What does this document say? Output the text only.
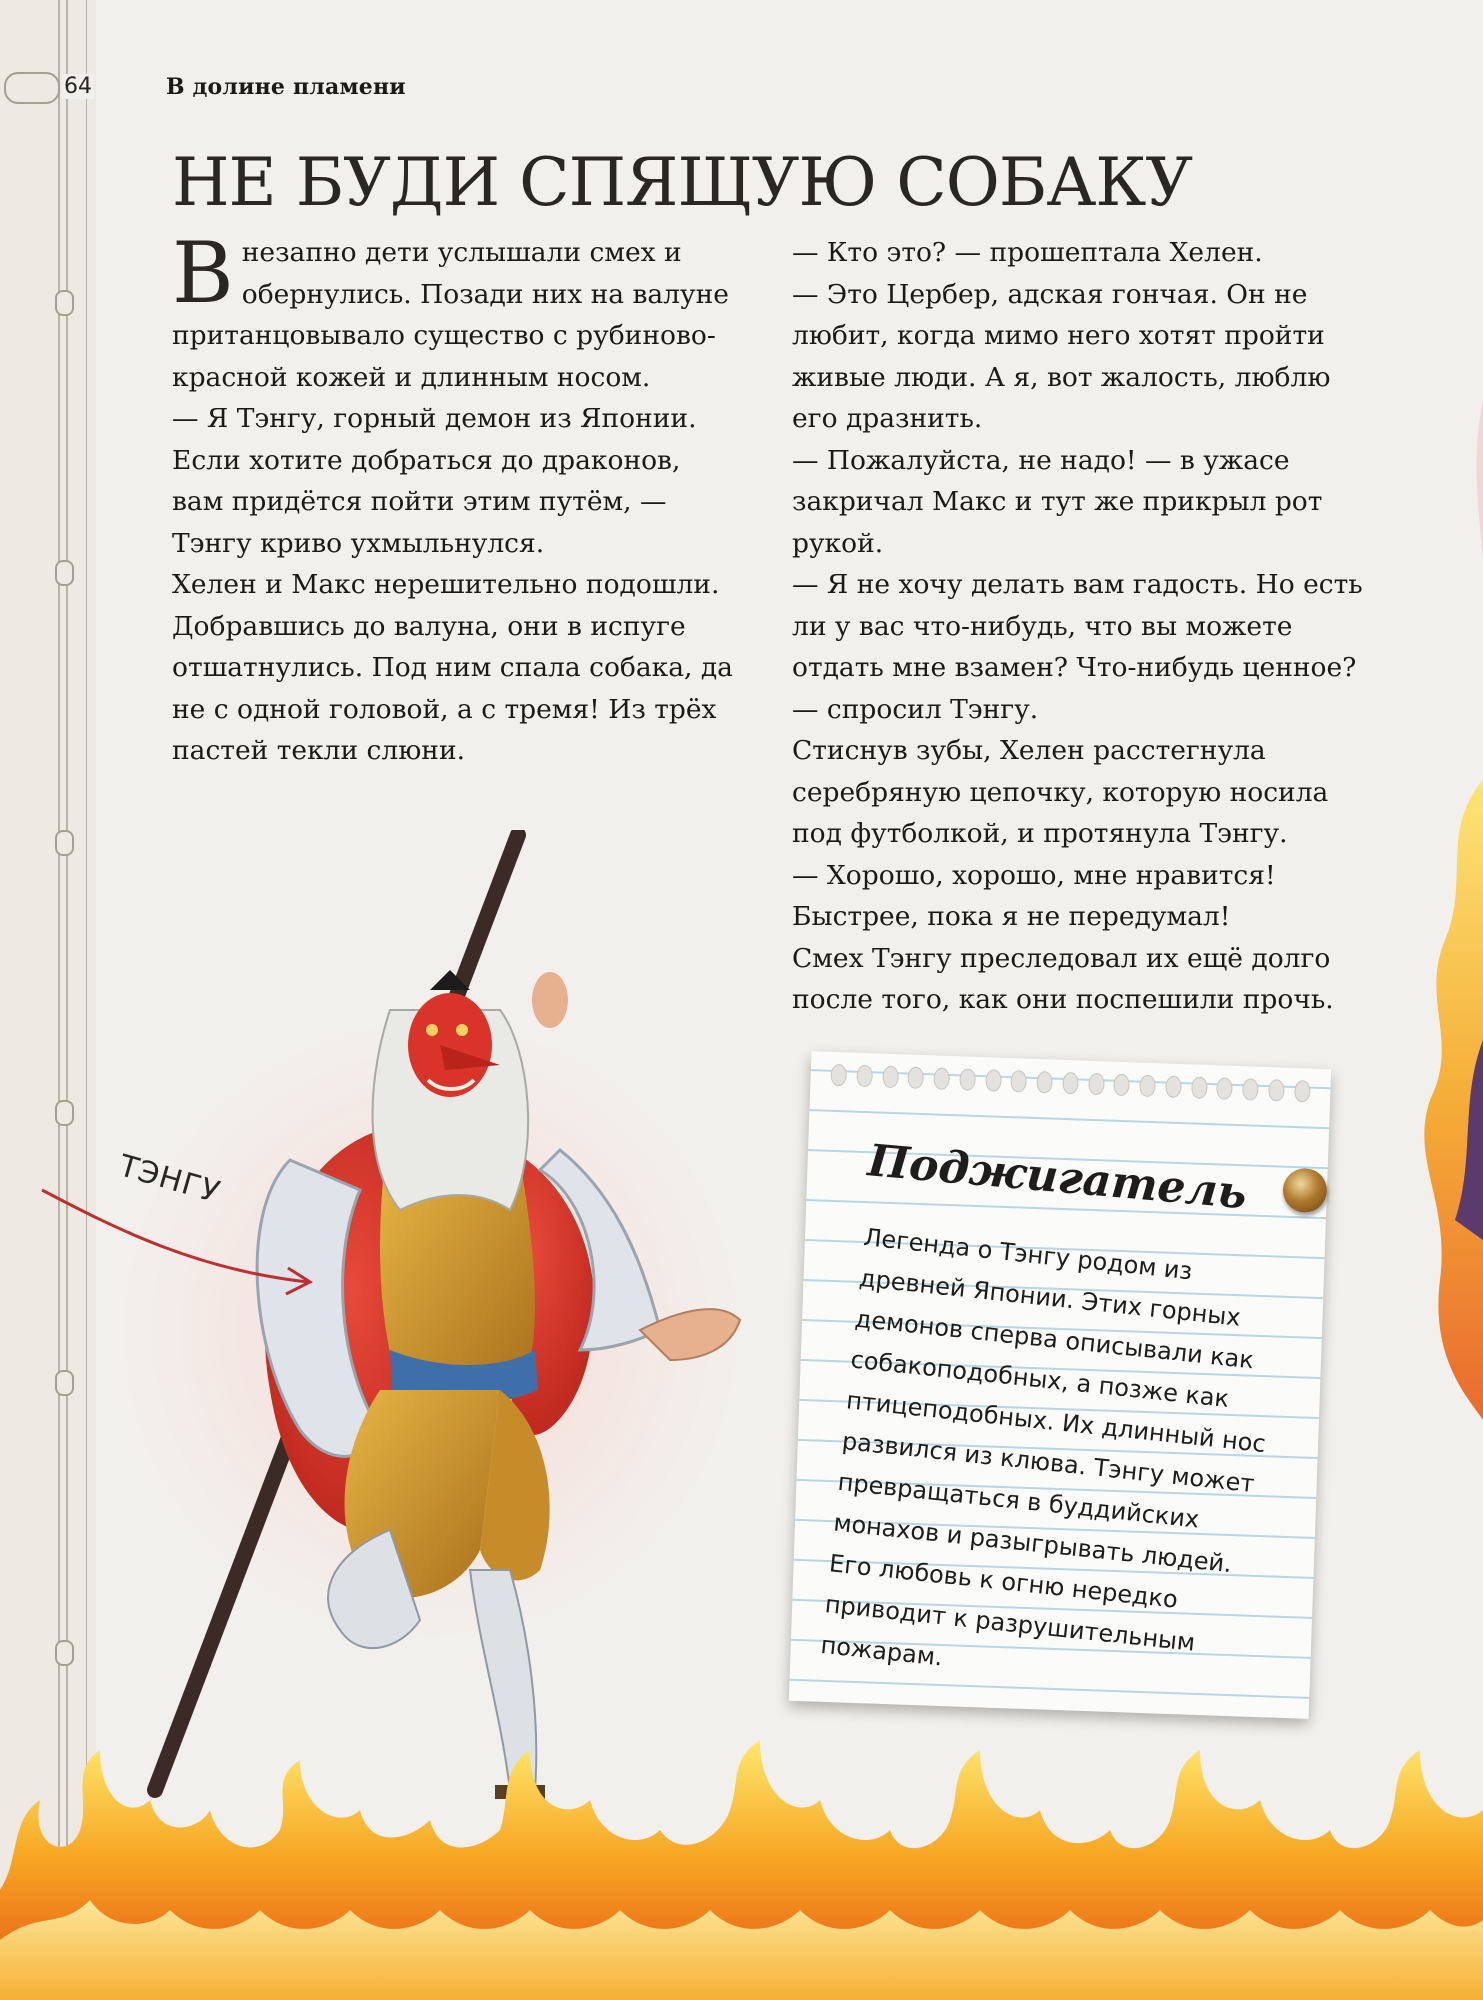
64	В долине пламени
НЕ БУДИ СПЯЩУЮ СОБАКУ

Внезапно дети услышали смех и обернулись. Позади них на валуне пританцовывало существо с рубиново-красной кожей и длинным носом.

— Я Тэнгу, горный демон из Японии. Если хотите добраться до драконов, вам придётся пойти этим путём, — Тэнгу криво ухмыльнулся.

Хелен и Макс нерешительно подошли. Добравшись до валуна, они в испуге отшатнулись. Под ним спала собака, да не с одной головой, а с тремя! Из трёх пастей текли слюни.

— Кто это? — прошептала Хелен.

— Это Цербер, адская гончая. Он не любит, когда мимо него хотят пройти живые люди. А я, вот жалость, люблю его дразнить.

— Пожалуйста, не надо! — в ужасе закричал Макс и тут же прикрыл рот рукой.

— Я не хочу делать вам гадость. Но есть ли у вас что-нибудь, что вы можете отдать мне взамен? Что-нибудь ценное? — спросил Тэнгу.

Стиснув зубы, Хелен расстегнула серебряную цепочку, которую носила под футболкой, и протянула Тэнгу.

— Хорошо, хорошо, мне нравится! Быстрее, пока я не передумал!

Смех Тэнгу преследовал их ещё долго после того, как они поспешили прочь.

ТЭНГУ	Поджигатель
Легенда о Тэнгу родом из древней Японии. Этих горных демонов сперва описывали как собакоподобных, а позже как птицеподобных. Их длинный нос развился из клюва. Тэнгу может превращаться в буддийских монахов и разыгрывать людей. Его любовь к огню нередко приводит к разрушительным пожарам.
